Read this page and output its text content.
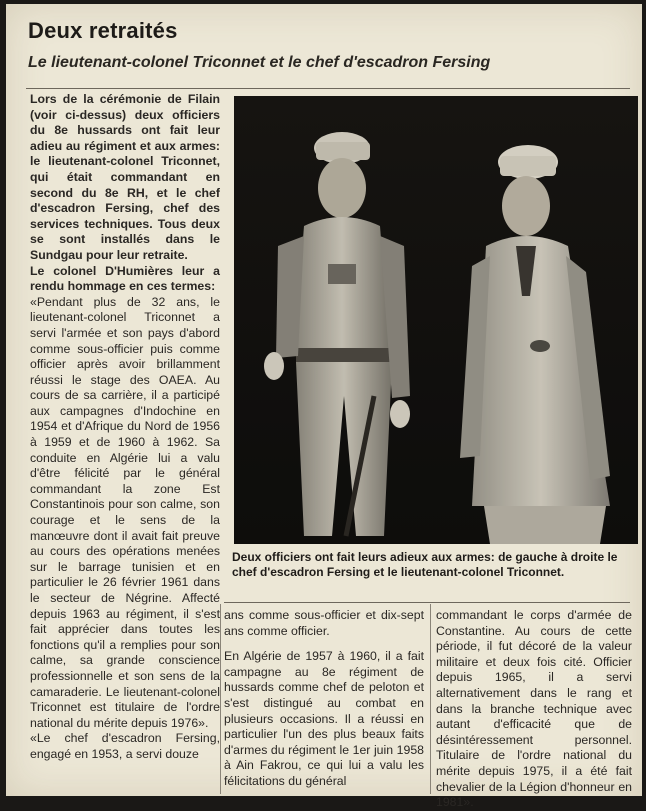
Deux retraités
Le lieutenant-colonel Triconnet et le chef d'escadron Fersing

Lors de la cérémonie de Filain (voir ci-dessus) deux officiers du 8e hussards ont fait leur adieu au régiment et aux armes: le lieutenant-colonel Triconnet, qui était commandant en second du 8e RH, et le chef d'escadron Fersing, chef des services techniques. Tous deux se sont installés dans le Sundgau pour leur retraite.

Le colonel D'Humières leur a rendu hommage en ces termes:

«Pendant plus de 32 ans, le lieutenant-colonel Triconnet a servi l'armée et son pays d'abord comme sous-officier puis comme officier après avoir brillamment réussi le stage des OAEA. Au cours de sa carrière, il a participé aux campagnes d'Indochine en 1954 et d'Afrique du Nord de 1956 à 1959 et de 1960 à 1962. Sa conduite en Algérie lui a valu d'être félicité par le général commandant la zone Est Constantinois pour son calme, son courage et le sens de la manœuvre dont il avait fait preuve au cours des opérations menées sur le barrage tunisien et en particulier le 26 février 1961 dans le secteur de Négrine. Affecté depuis 1963 au régiment, il s'est fait apprécier dans toutes les fonctions qu'il a remplies pour son calme, sa grande conscience professionnelle et son sens de la camaraderie. Le lieutenant-colonel Triconnet est titulaire de l'ordre national du mérite depuis 1976».

«Le chef d'escadron Fersing, engagé en 1953, a servi douze

Deux officiers ont fait leurs adieux aux armes: de gauche à droite le chef d'escadron Fersing et le lieutenant-colonel Triconnet.

ans comme sous-officier et dix-sept ans comme officier.

En Algérie de 1957 à 1960, il a fait campagne au 8e régiment de hussards comme chef de peloton et s'est distingué au combat en plusieurs occasions. Il a réussi en particulier l'un des plus beaux faits d'armes du régiment le 1er juin 1958 à Ain Fakrou, ce qui lui a valu les félicitations du général

commandant le corps d'armée de Constantine. Au cours de cette période, il fut décoré de la valeur militaire et deux fois cité. Officier depuis 1965, il a servi alternativement dans le rang et dans la branche technique avec autant d'efficacité que de désintéressement personnel. Titulaire de l'ordre national du mérite depuis 1975, il a été fait chevalier de la Légion d'honneur en 1981».
